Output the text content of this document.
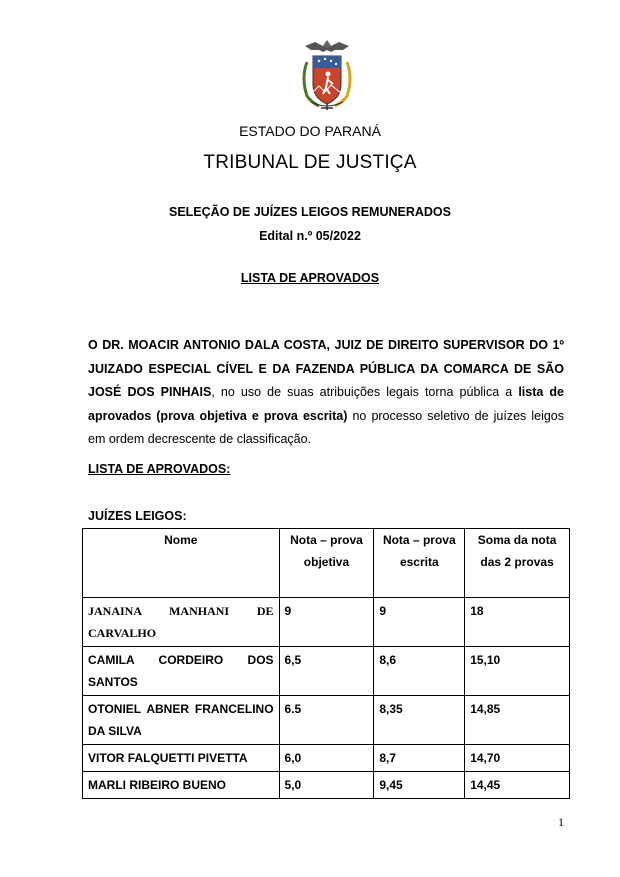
ESTADO DO PARANÁ
TRIBUNAL DE JUSTIÇA
SELEÇÃO DE JUÍZES LEIGOS REMUNERADOS
Edital n.º 05/2022
LISTA DE APROVADOS
O DR. MOACIR ANTONIO DALA COSTA, JUIZ DE DIREITO SUPERVISOR DO 1º JUIZADO ESPECIAL CÍVEL E DA FAZENDA PÚBLICA DA COMARCA DE SÃO JOSÉ DOS PINHAIS, no uso de suas atribuições legais torna pública a lista de aprovados (prova objetiva e prova escrita) no processo seletivo de juízes leigos em ordem decrescente de classificação.
LISTA DE APROVADOS:
JUÍZES LEIGOS:
Nome	Nota – prova objetiva	Nota – prova escrita	Soma da nota das 2 provas
JANAINA MANHANI DE CARVALHO	9	9	18
CAMILA CORDEIRO DOS SANTOS	6,5	8,6	15,10
OTONIEL ABNER FRANCELINO DA SILVA	6.5	8,35	14,85
VITOR FALQUETTI PIVETTA	6,0	8,7	14,70
MARLI RIBEIRO BUENO	5,0	9,45	14,45
1
